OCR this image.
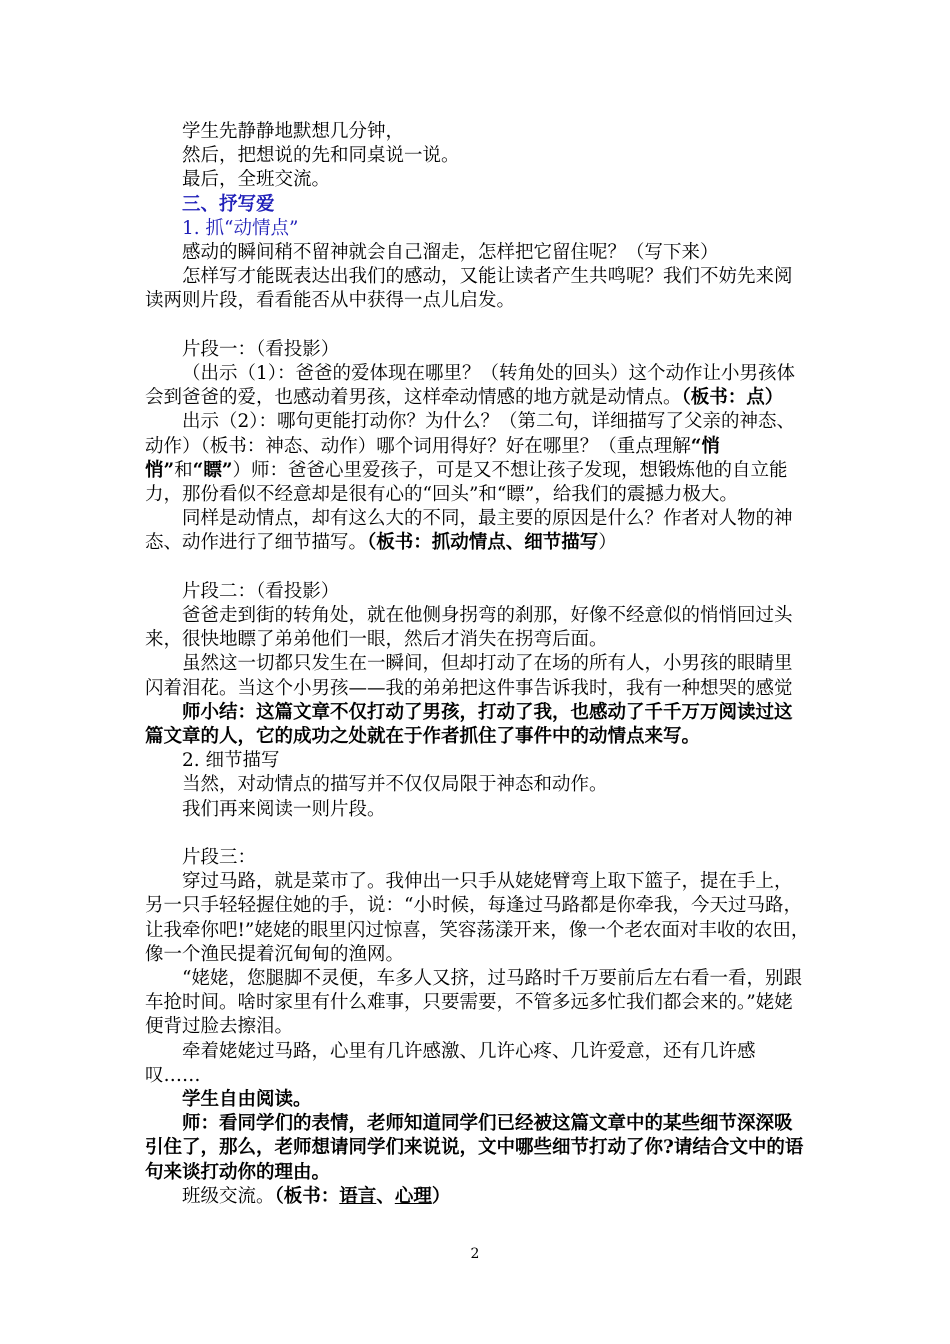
学生先静静地默想几分钟，

然后，把想说的先和同桌说一说。

最后，全班交流。

三、抒写爱

1. 抓“动情点”

感动的瞬间稍不留神就会自己溜走，怎样把它留住呢？（写下来）

怎样写才能既表达出我们的感动，又能让读者产生共鸣呢？我们不妨先来阅读两则片段，看看能否从中获得一点儿启发。

片段一：（看投影）

（出示（1）：爸爸的爱体现在哪里？（转角处的回头）这个动作让小男孩体会到爸爸的爱，也感动着男孩，这样牵动情感的地方就是动情点。（板书：点）

出示（2）：哪句更能打动你？为什么？（第二句，详细描写了父亲的神态、动作）（板书：神态、动作）哪个词用得好？好在哪里？（重点理解“悄悄”和“瞟”）师：爸爸心里爱孩子，可是又不想让孩子发现，想锻炼他的自立能力，那份看似不经意却是很有心的“回头”和“瞟”，给我们的震撼力极大。

同样是动情点，却有这么大的不同，最主要的原因是什么？作者对人物的神态、动作进行了细节描写。（板书：抓动情点、细节描写）

片段二：（看投影）

爸爸走到街的转角处，就在他侧身拐弯的刹那，好像不经意似的悄悄回过头来，很快地瞟了弟弟他们一眼，然后才消失在拐弯后面。

虽然这一切都只发生在一瞬间，但却打动了在场的所有人，小男孩的眼睛里闪着泪花。当这个小男孩——我的弟弟把这件事告诉我时，我有一种想哭的感觉

师小结：这篇文章不仅打动了男孩，打动了我，也感动了千千万万阅读过这篇文章的人，它的成功之处就在于作者抓住了事件中的动情点来写。

2. 细节描写

当然，对动情点的描写并不仅仅局限于神态和动作。

我们再来阅读一则片段。

片段三：

穿过马路，就是菜市了。我伸出一只手从姥姥臂弯上取下篮子，提在手上，另一只手轻轻握住她的手，说：“小时候，每逢过马路都是你牵我，今天过马路，让我牵你吧!”姥姥的眼里闪过惊喜，笑容荡漾开来，像一个老农面对丰收的农田，像一个渔民提着沉甸甸的渔网。

“姥姥，您腿脚不灵便，车多人又挤，过马路时千万要前后左右看一看，别跟车抢时间。啥时家里有什么难事，只要需要，不管多远多忙我们都会来的。”姥姥便背过脸去擦泪。

牵着姥姥过马路，心里有几许感激、几许心疼、几许爱意，还有几许感叹……

学生自由阅读。

师：看同学们的表情，老师知道同学们已经被这篇文章中的某些细节深深吸引住了，那么，老师想请同学们来说说，文中哪些细节打动了你?请结合文中的语句来谈打动你的理由。

班级交流。（板书：语言、心理）

2
